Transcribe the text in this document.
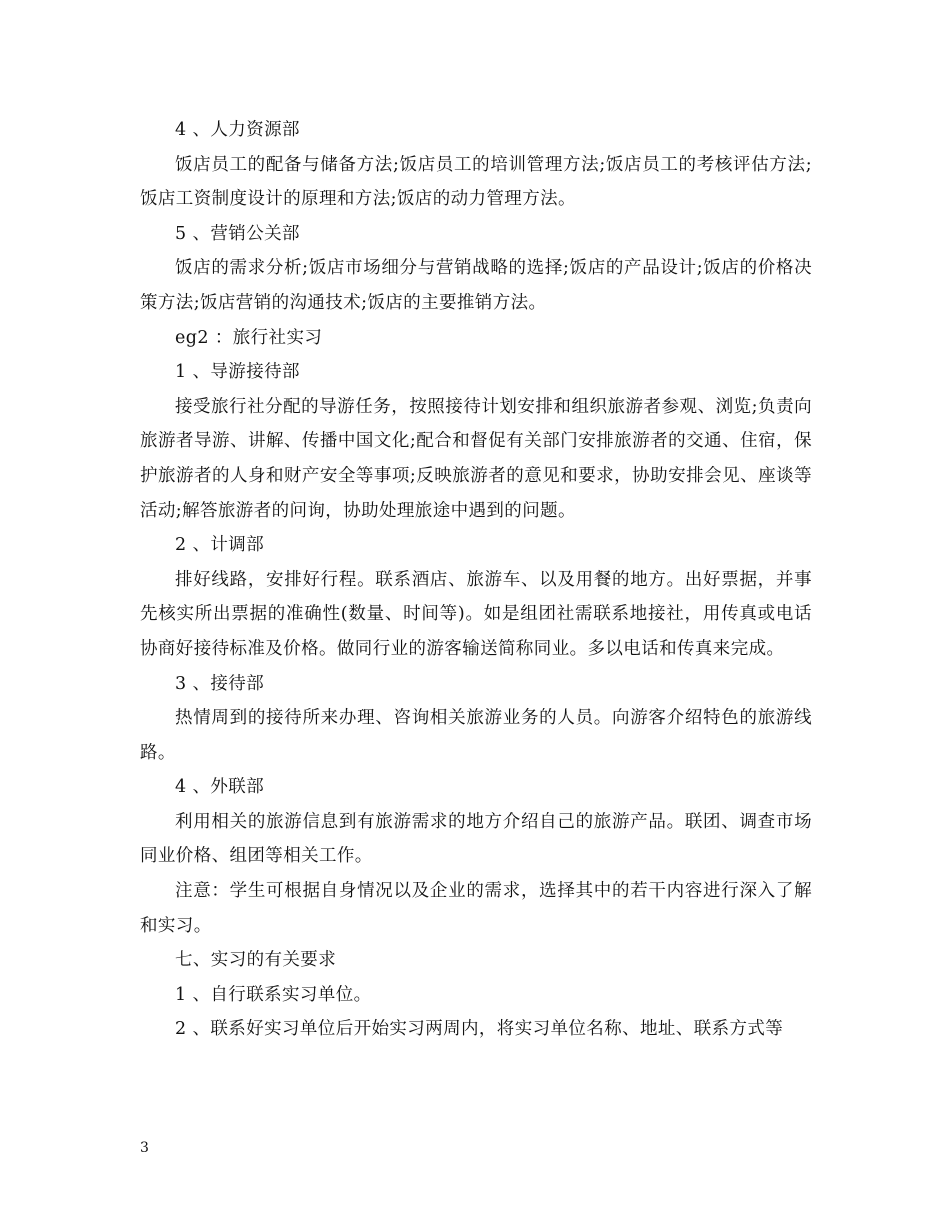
4 、人力资源部

饭店员工的配备与储备方法;饭店员工的培训管理方法;饭店员工的考核评估方法;饭店工资制度设计的原理和方法;饭店的动力管理方法。

5 、营销公关部

饭店的需求分析;饭店市场细分与营销战略的选择;饭店的产品设计;饭店的价格决策方法;饭店营销的沟通技术;饭店的主要推销方法。

eg2 ：旅行社实习

1 、导游接待部

接受旅行社分配的导游任务，按照接待计划安排和组织旅游者参观、浏览;负责向旅游者导游、讲解、传播中国文化;配合和督促有关部门安排旅游者的交通、住宿，保护旅游者的人身和财产安全等事项;反映旅游者的意见和要求，协助安排会见、座谈等活动;解答旅游者的问询，协助处理旅途中遇到的问题。

2 、计调部

排好线路，安排好行程。联系酒店、旅游车、以及用餐的地方。出好票据，并事先核实所出票据的准确性(数量、时间等)。如是组团社需联系地接社，用传真或电话协商好接待标准及价格。做同行业的游客输送简称同业。多以电话和传真来完成。

3 、接待部

热情周到的接待所来办理、咨询相关旅游业务的人员。向游客介绍特色的旅游线路。

4 、外联部

利用相关的旅游信息到有旅游需求的地方介绍自己的旅游产品。联团、调查市场同业价格、组团等相关工作。

注意：学生可根据自身情况以及企业的需求，选择其中的若干内容进行深入了解和实习。

七、实习的有关要求

1 、自行联系实习单位。

2 、联系好实习单位后开始实习两周内，将实习单位名称、地址、联系方式等

3
